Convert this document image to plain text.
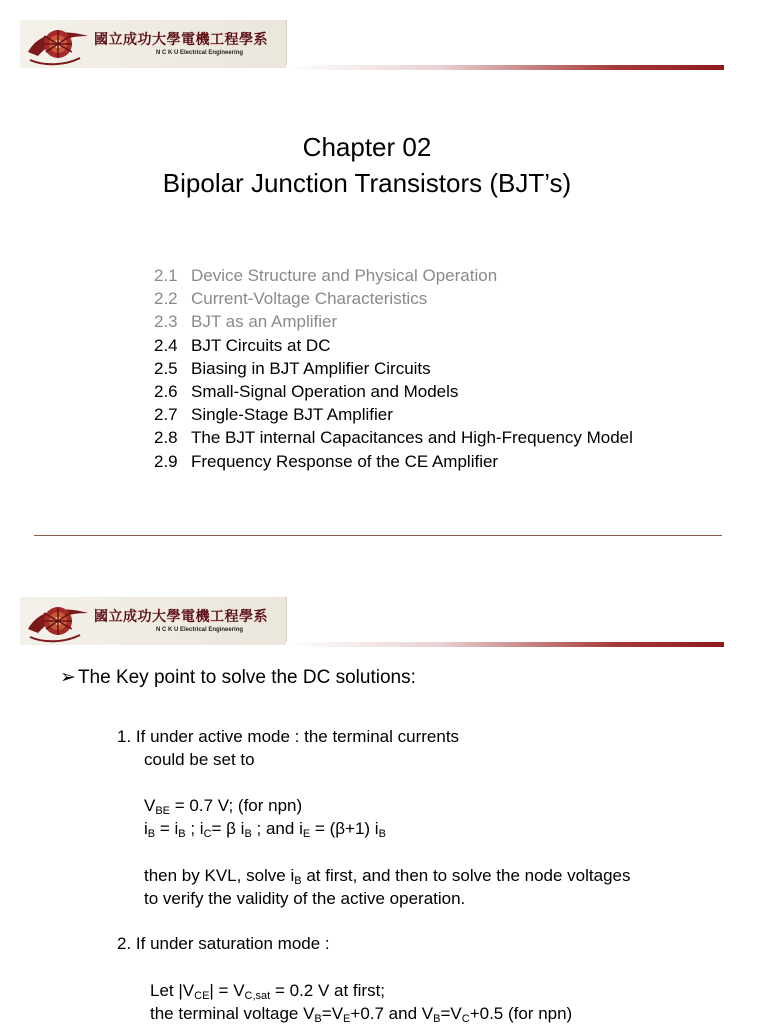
國立成功大學電機工程學系
N C K U Electrical Engineering
Chapter 02
Bipolar Junction Transistors (BJT’s)
2.1 Device Structure and Physical Operation
2.2 Current-Voltage Characteristics
2.3 BJT as an Amplifier
2.4 BJT Circuits at DC
2.5 Biasing in BJT Amplifier Circuits
2.6 Small-Signal Operation and Models
2.7 Single-Stage BJT Amplifier
2.8 The BJT internal Capacitances and High-Frequency Model
2.9 Frequency Response of the CE Amplifier
國立成功大學電機工程學系
N C K U Electrical Engineering
➢ The Key point to solve the DC solutions:
1. If under active mode : the terminal currents
could be set to
$V_{BE} = 0.7$ V; (for npn)
$i_B = i_B$ ; $i_C= \beta$ $i_B$ ; and $i_E = (\beta+1)$ $i_B$
then by KVL, solve $i_B$ at first, and then to solve the node voltages
to verify the validity of the active operation.
2. If under saturation mode :
Let $|V_{CE}| = V_{C,sat} = 0.2$ V at first;
the terminal voltage $V_B=V_E+0.7$ and $V_B=V_C+0.5$ (for npn)
